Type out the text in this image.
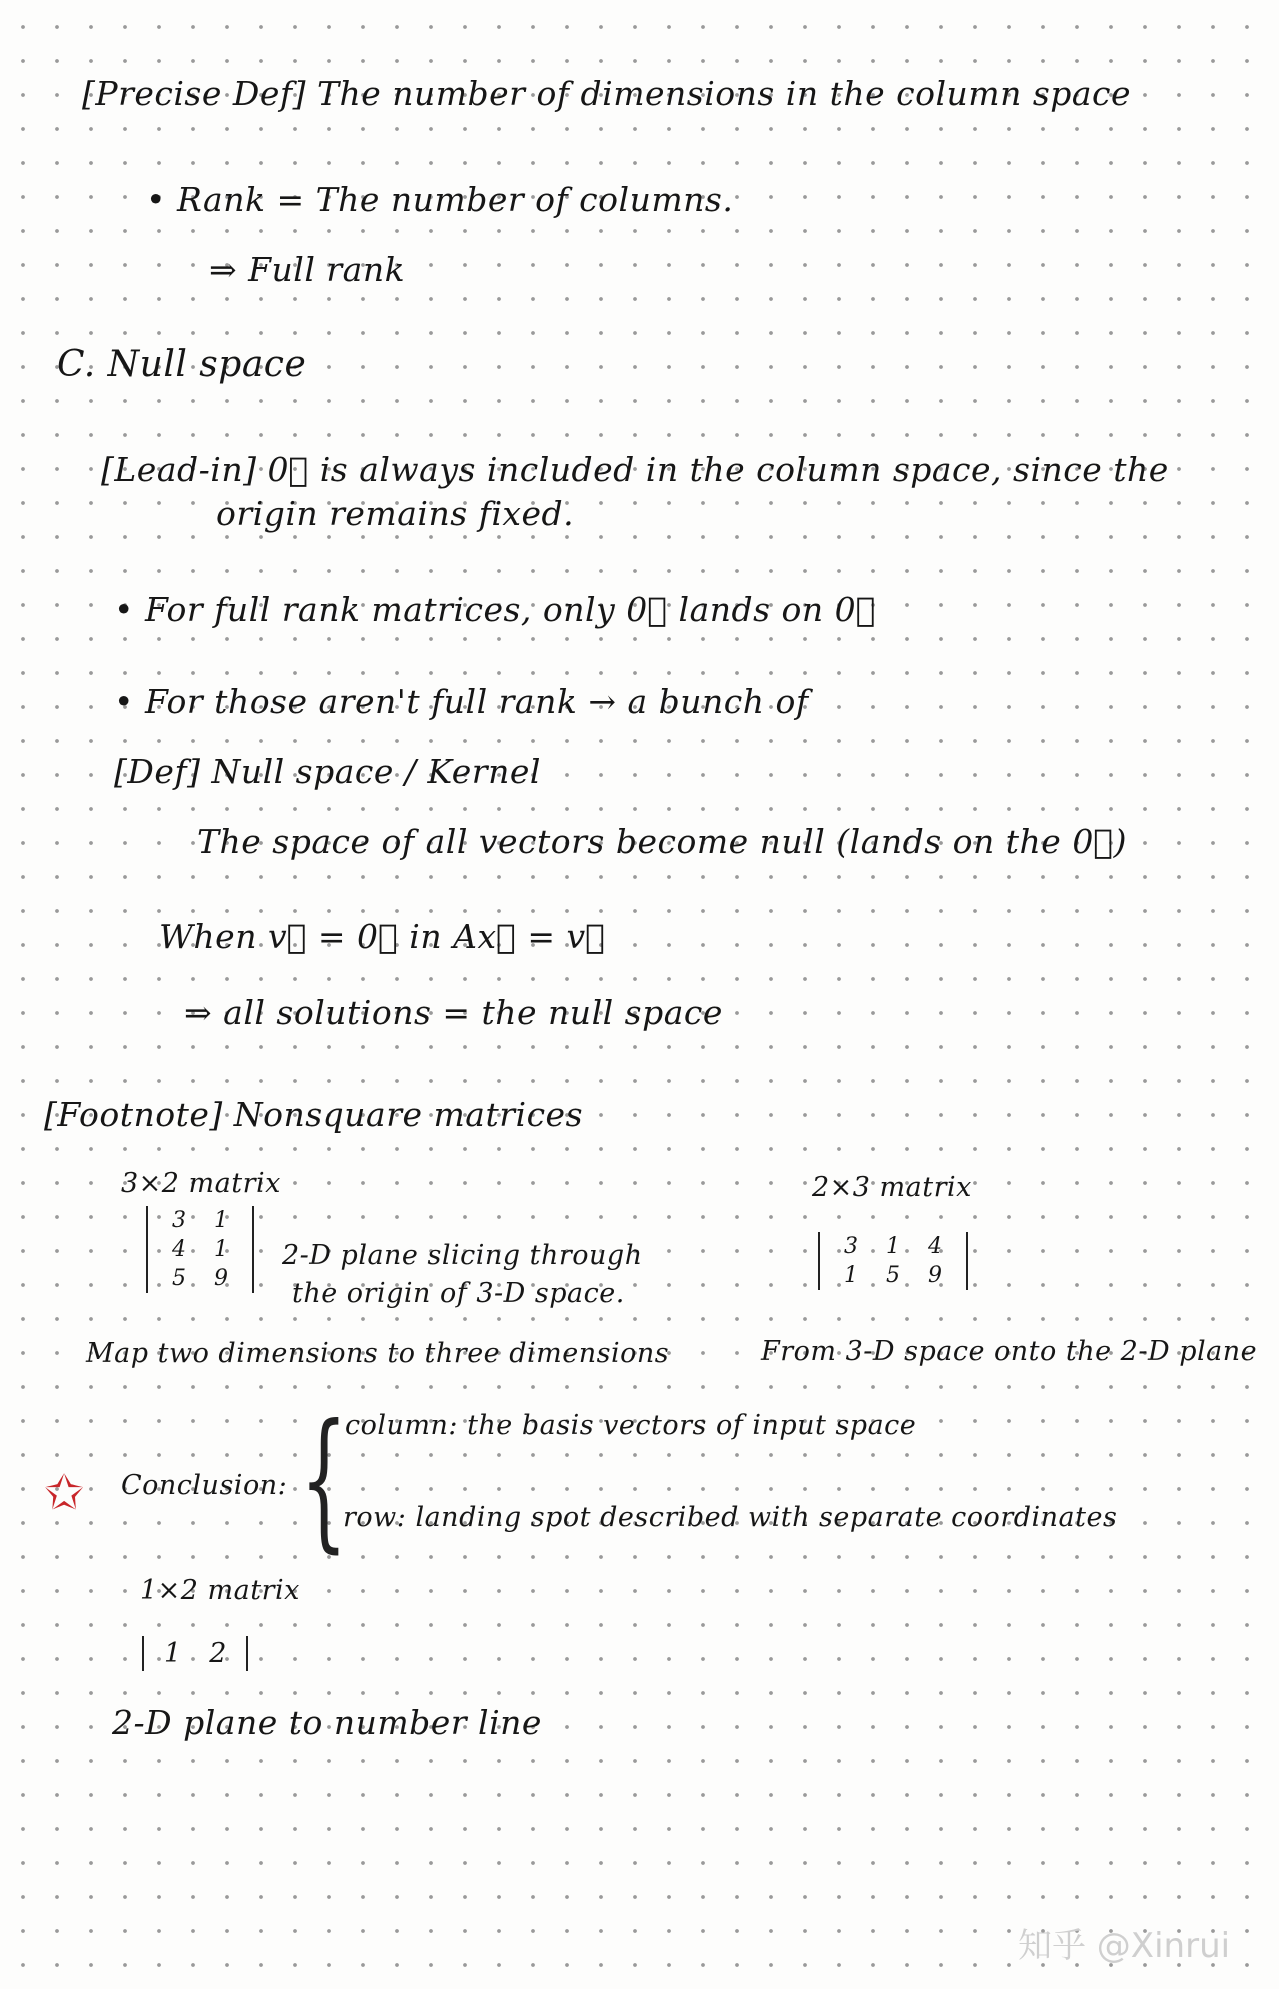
[Precise Def] The number of dimensions in the column space
• Rank = The number of columns.
⇒ Full rank
C. Null space
[Lead-in] 0⃗ is always included in the column space, since the
origin remains fixed.
• For full rank matrices, only 0⃗ lands on 0⃗
• For those aren't full rank → a bunch of
[Def] Null space / Kernel
The space of all vectors become null (lands on the 0⃗)
When v⃗ = 0⃗ in Ax⃗ = v⃗
⇒ all solutions = the null space
[Footnote] Nonsquare matrices
3×2 matrix	2×3 matrix
3	1
4	1
5	9
2-D plane slicing through
the origin of 3-D space.
3	1	4
1	5	9
Map two dimensions to three dimensions	From 3-D space onto the 2-D plane
✩ Conclusion: {
column: the basis vectors of input space
row: landing spot described with separate coordinates
1×2 matrix
1	2
2-D plane to number line
知乎 @Xinrui
